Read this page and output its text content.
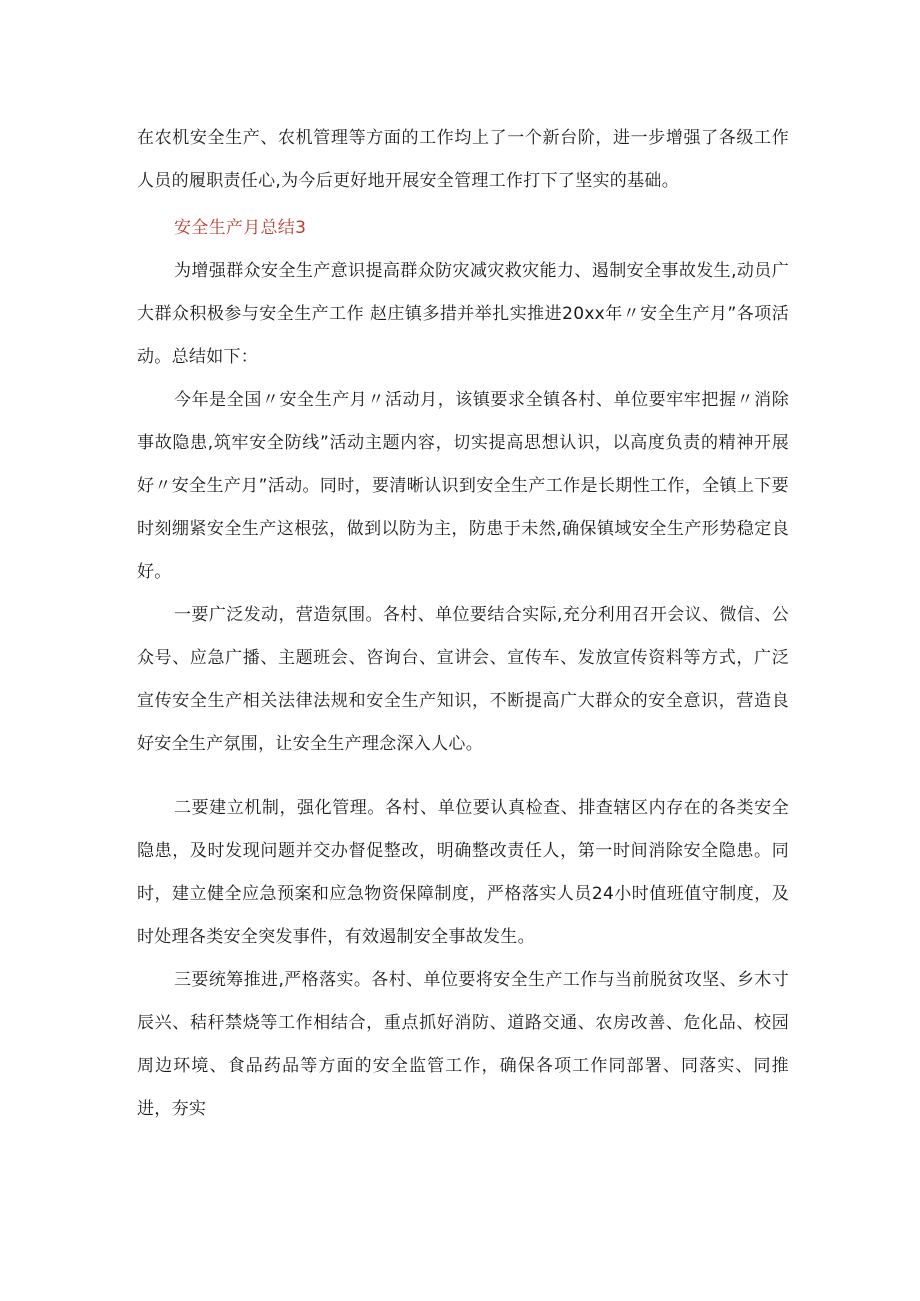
在农机安全生产、农机管理等方面的工作均上了一个新台阶，进一步增强了各级工作人员的履职责任心,为今后更好地开展安全管理工作打下了坚实的基础。

安全生产月总结3

为增强群众安全生产意识提高群众防灾减灾救灾能力、遏制安全事故发生,动员广大群众积极参与安全生产工作 赵庄镇多措并举扎实推进20xx年〃安全生产月”各项活动。总结如下：

今年是全国〃安全生产月〃活动月，该镇要求全镇各村、单位要牢牢把握〃消除事故隐患,筑牢安全防线”活动主题内容，切实提高思想认识，以高度负责的精神开展好〃安全生产月”活动。同时，要清晰认识到安全生产工作是长期性工作，全镇上下要时刻绷紧安全生产这根弦，做到以防为主，防患于未然,确保镇域安全生产形势稳定良好。

一要广泛发动，营造氛围。各村、单位要结合实际,充分利用召开会议、微信、公众号、应急广播、主题班会、咨询台、宣讲会、宣传车、发放宣传资料等方式，广泛宣传安全生产相关法律法规和安全生产知识，不断提高广大群众的安全意识，营造良好安全生产氛围，让安全生产理念深入人心。

二要建立机制，强化管理。各村、单位要认真检查、排查辖区内存在的各类安全隐患，及时发现问题并交办督促整改，明确整改责任人，第一时间消除安全隐患。同时，建立健全应急预案和应急物资保障制度，严格落实人员24小时值班值守制度，及时处理各类安全突发事件，有效遏制安全事故发生。

三要统筹推进,严格落实。各村、单位要将安全生产工作与当前脱贫攻坚、乡木寸辰兴、秸秆禁烧等工作相结合，重点抓好消防、道路交通、农房改善、危化品、校园周边环境、食品药品等方面的安全监管工作，确保各项工作同部署、同落实、同推进，夯实
